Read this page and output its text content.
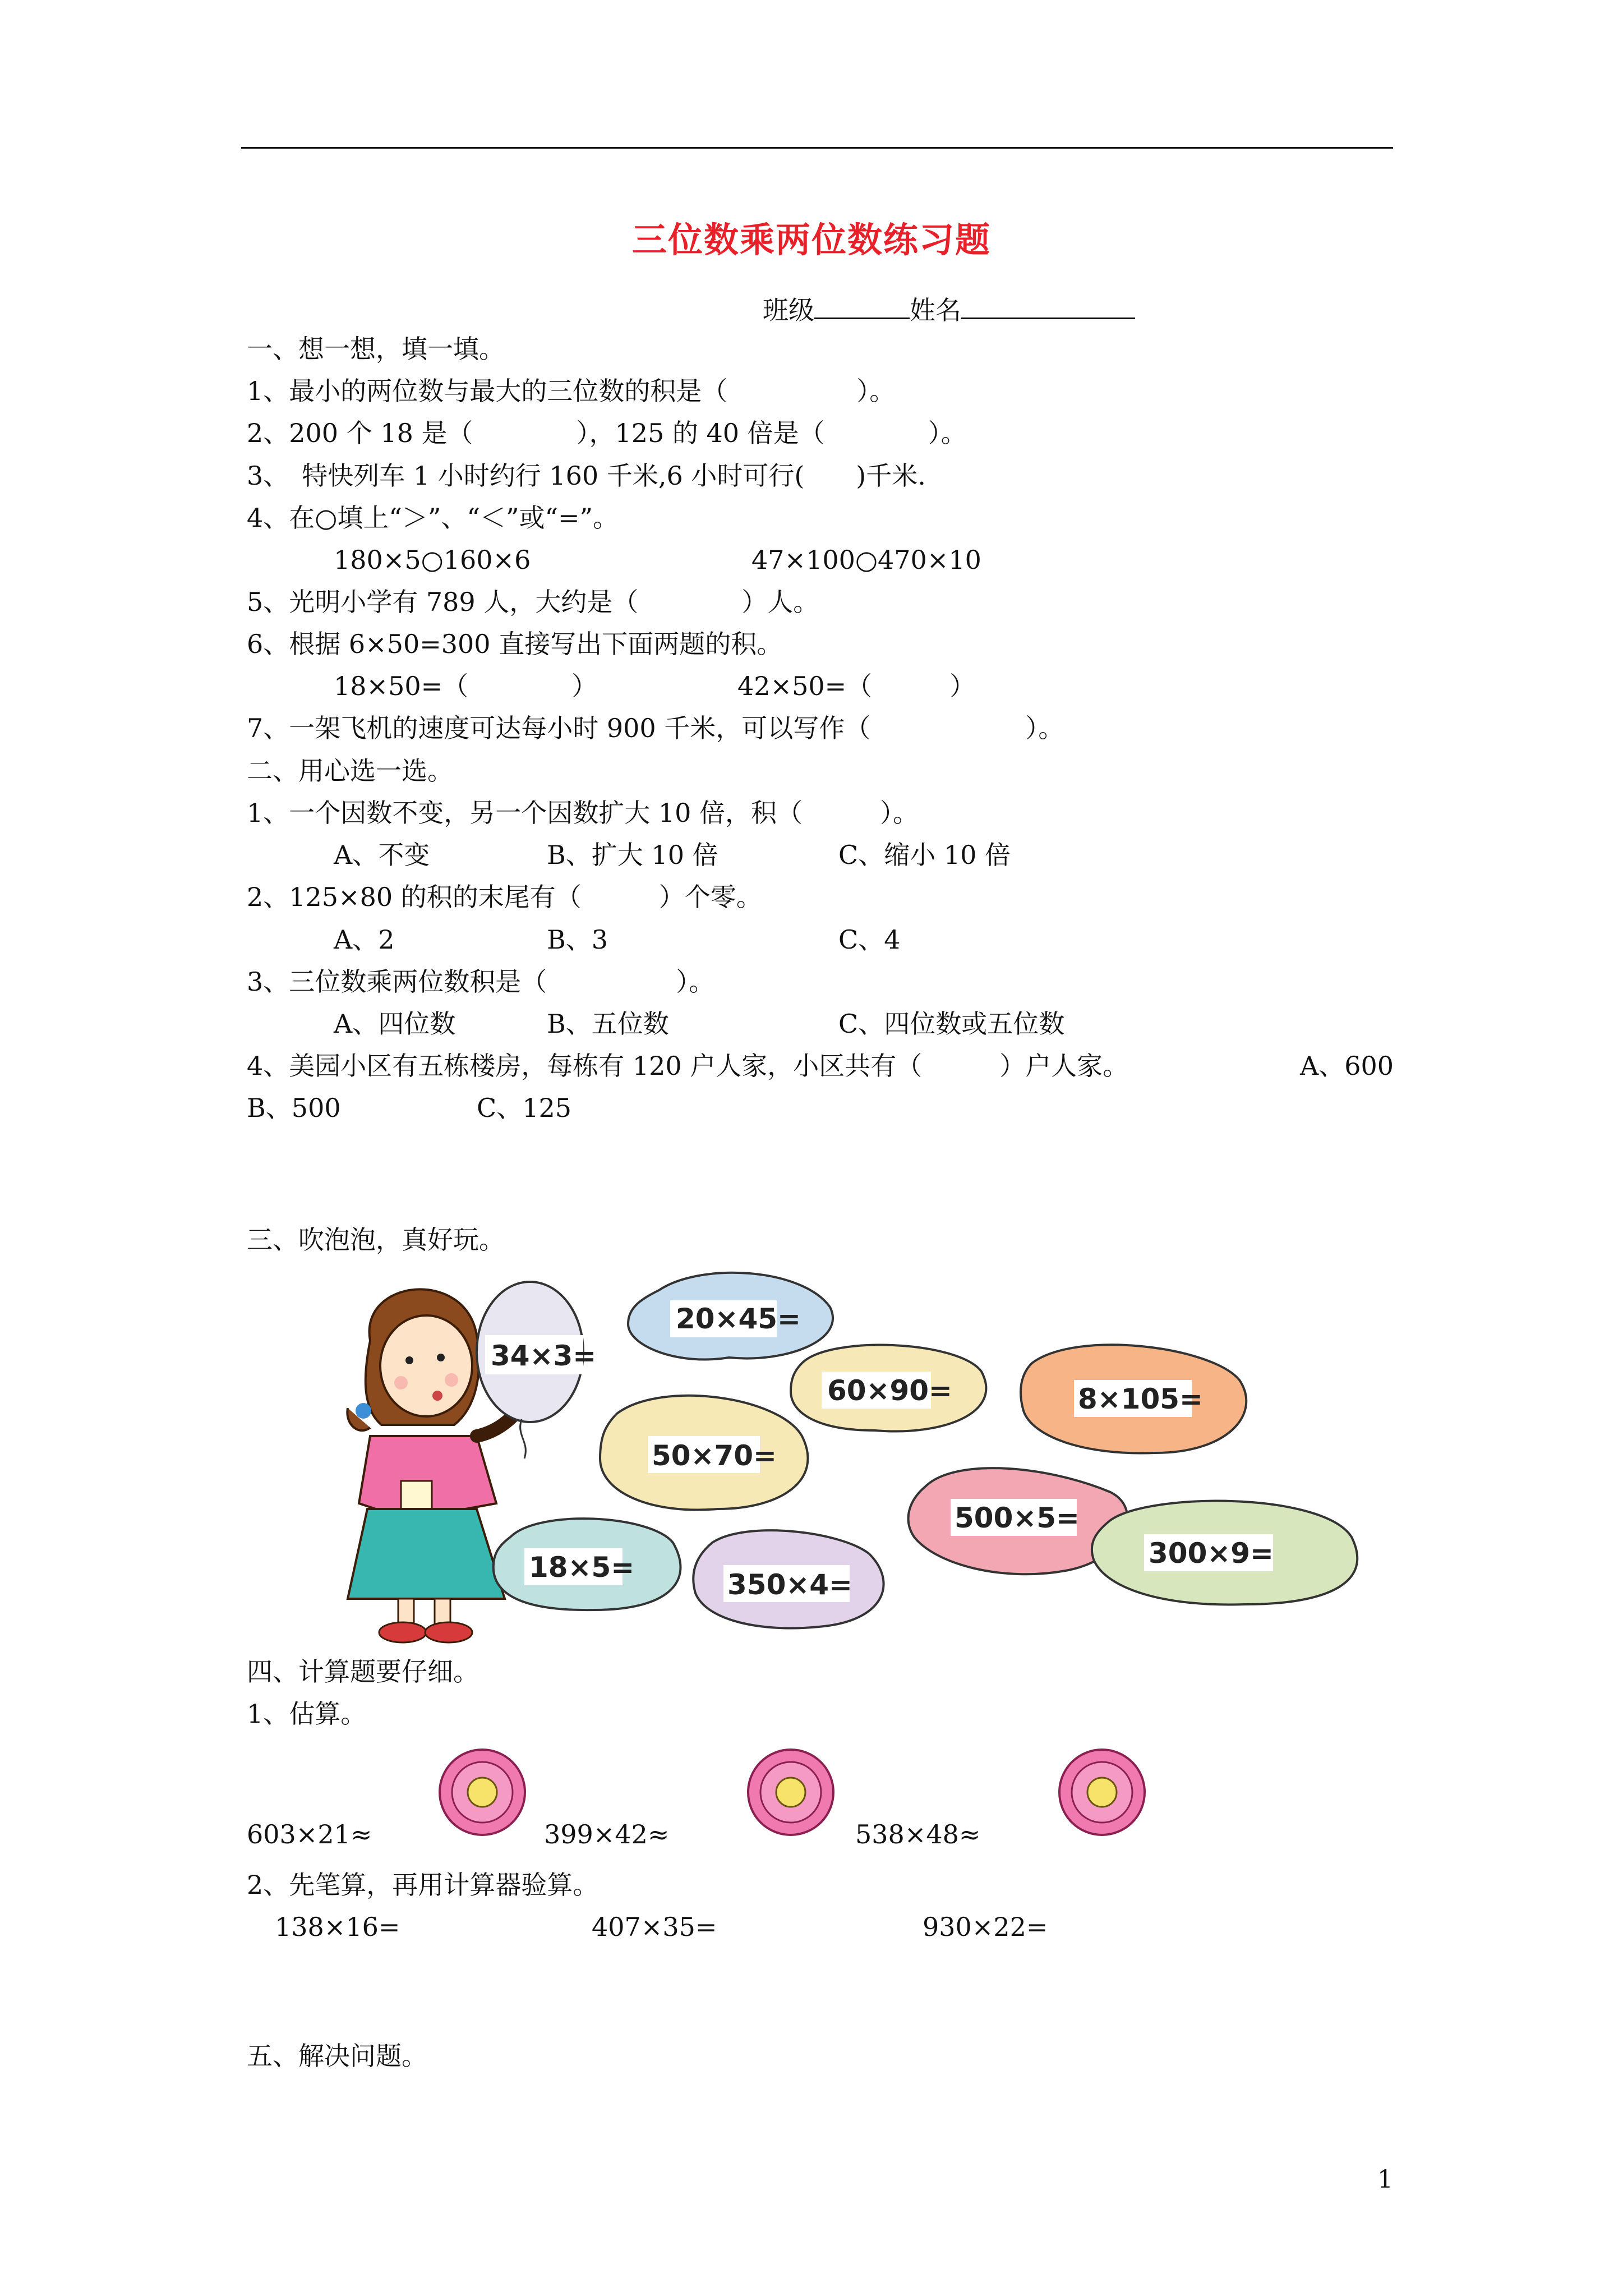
三位数乘两位数练习题
班级	姓名
一、想一想，填一填。
1、最小的两位数与最大的三位数的积是（　　　　　）。
2、200 个 18 是（　　　　），125 的 40 倍是（　　　　）。
3、　特快列车 1 小时约行 160 千米,6 小时可行(　　)千米.
4、在○填上“＞”、“＜”或“=”。
180×5○160×6	47×100○470×10
5、光明小学有 789 人，大约是（　　　　）人。
6、根据 6×50=300 直接写出下面两题的积。
18×50=（　　　　）	42×50=（　　　）
7、一架飞机的速度可达每小时 900 千米，可以写作（　　　　　　）。
二、用心选一选。
1、一个因数不变，另一个因数扩大 10 倍，积（　　　）。
A、不变	B、扩大 10 倍	C、缩小 10 倍
2、125×80 的积的末尾有（　　　）个零。
A、2	B、3	C、4
3、三位数乘两位数积是（　　　　　）。
A、四位数	B、五位数	C、四位数或五位数
4、美园小区有五栋楼房，每栋有 120 户人家，小区共有（　　　）户人家。	A、600
B、500	C、125
三、吹泡泡，真好玩。
34×3=
20×45=
60×90=	8×105=
50×70=
500×5=
300×9=
18×5=
350×4=
四、计算题要仔细。
1、估算。
603×21≈	399×42≈	538×48≈
2、先笔算，再用计算器验算。
138×16=	407×35=	930×22=
五、解决问题。
1
